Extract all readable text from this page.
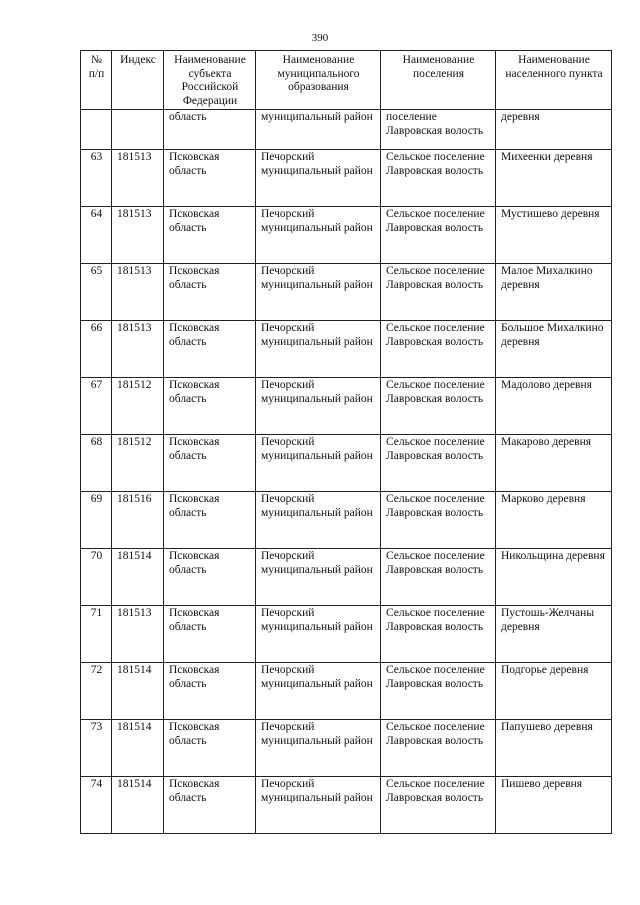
390
№ п/п	Индекс	Наименование субъекта Российской Федерации	Наименование муниципального образования	Наименование поселения	Наименование населенного пункта
		область	муниципальный район	поселение Лавровская волость	деревня
63	181513	Псковская область	Печорский муниципальный район	Сельское поселение Лавровская волость	Михеенки деревня
64	181513	Псковская область	Печорский муниципальный район	Сельское поселение Лавровская волость	Мустишево деревня
65	181513	Псковская область	Печорский муниципальный район	Сельское поселение Лавровская волость	Малое Михалкино деревня
66	181513	Псковская область	Печорский муниципальный район	Сельское поселение Лавровская волость	Большое Михалкино деревня
67	181512	Псковская область	Печорский муниципальный район	Сельское поселение Лавровская волость	Мадолово деревня
68	181512	Псковская область	Печорский муниципальный район	Сельское поселение Лавровская волость	Макарово деревня
69	181516	Псковская область	Печорский муниципальный район	Сельское поселение Лавровская волость	Марково деревня
70	181514	Псковская область	Печорский муниципальный район	Сельское поселение Лавровская волость	Никольщина деревня
71	181513	Псковская область	Печорский муниципальный район	Сельское поселение Лавровская волость	Пустошь-Желчаны деревня
72	181514	Псковская область	Печорский муниципальный район	Сельское поселение Лавровская волость	Подгорье деревня
73	181514	Псковская область	Печорский муниципальный район	Сельское поселение Лавровская волость	Папушево деревня
74	181514	Псковская область	Печорский муниципальный район	Сельское поселение Лавровская волость	Пишево деревня
